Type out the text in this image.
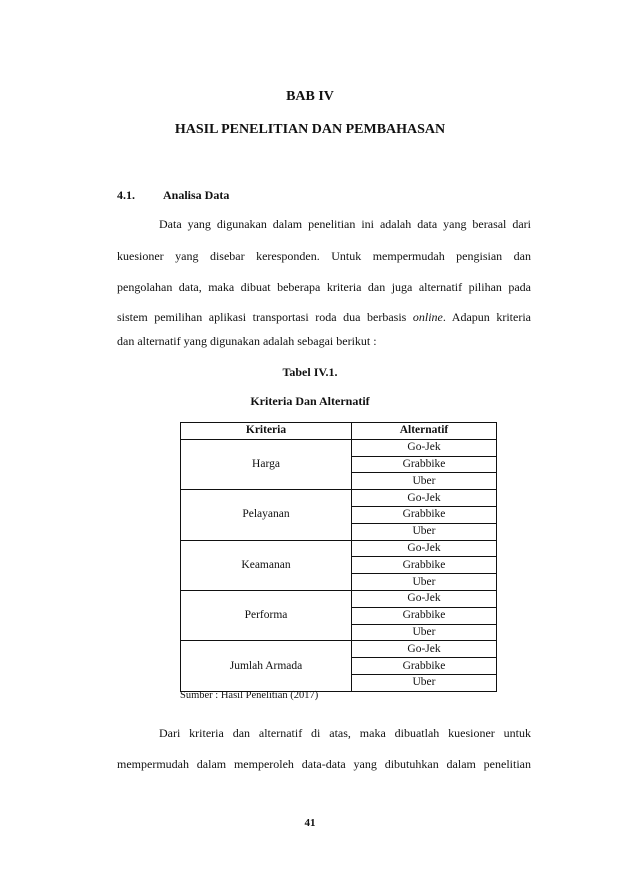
BAB IV
HASIL PENELITIAN DAN PEMBAHASAN
4.1. Analisa Data
Data yang digunakan dalam penelitian ini adalah data yang berasal dari
kuesioner yang disebar keresponden. Untuk mempermudah pengisian dan
pengolahan data, maka dibuat beberapa kriteria dan juga alternatif pilihan pada
sistem pemilihan aplikasi transportasi roda dua berbasis online. Adapun kriteria
dan alternatif yang digunakan adalah sebagai berikut :
Tabel IV.1.
Kriteria Dan Alternatif
Kriteria	Alternatif
Harga	Go-Jek
	Grabbike
	Uber
Pelayanan	Go-Jek
	Grabbike
	Uber
Keamanan	Go-Jek
	Grabbike
	Uber
Performa	Go-Jek
	Grabbike
	Uber
Jumlah Armada	Go-Jek
	Grabbike
	Uber
Sumber : Hasil Penelitian (2017)
Dari kriteria dan alternatif di atas, maka dibuatlah kuesioner untuk
mempermudah dalam memperoleh data-data yang dibutuhkan dalam penelitian
41
